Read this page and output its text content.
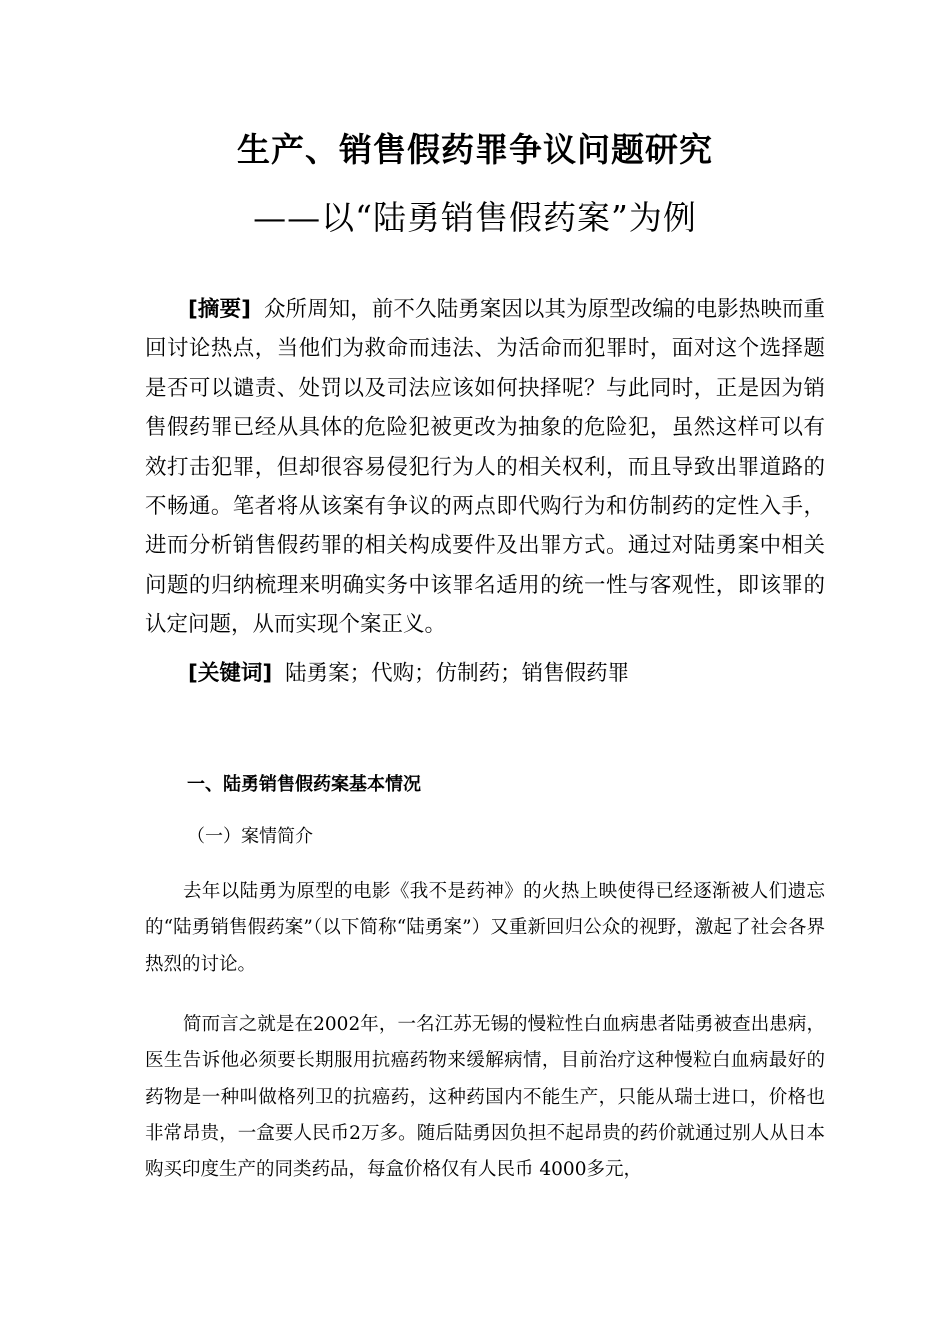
生产、销售假药罪争议问题研究
——以“陆勇销售假药案”为例
[摘要] 众所周知，前不久陆勇案因以其为原型改编的电影热映而重回讨论热点，当他们为救命而违法、为活命而犯罪时，面对这个选择题是否可以谴责、处罚以及司法应该如何抉择呢？与此同时，正是因为销售假药罪已经从具体的危险犯被更改为抽象的危险犯，虽然这样可以有效打击犯罪，但却很容易侵犯行为人的相关权利，而且导致出罪道路的不畅通。笔者将从该案有争议的两点即代购行为和仿制药的定性入手，进而分析销售假药罪的相关构成要件及出罪方式。通过对陆勇案中相关问题的归纳梳理来明确实务中该罪名适用的统一性与客观性，即该罪的认定问题，从而实现个案正义。
[关键词] 陆勇案；代购；仿制药；销售假药罪
一、陆勇销售假药案基本情况
（一）案情简介
去年以陆勇为原型的电影《我不是药神》的火热上映使得已经逐渐被人们遗忘的“陆勇销售假药案”（以下简称“陆勇案”）又重新回归公众的视野，激起了社会各界热烈的讨论。
简而言之就是在2002年，一名江苏无锡的慢粒性白血病患者陆勇被查出患病，医生告诉他必须要长期服用抗癌药物来缓解病情，目前治疗这种慢粒白血病最好的药物是一种叫做格列卫的抗癌药，这种药国内不能生产，只能从瑞士进口，价格也非常昂贵，一盒要人民币2万多。随后陆勇因负担不起昂贵的药价就通过别人从日本购买印度生产的同类药品，每盒价格仅有人民币 4000多元，
